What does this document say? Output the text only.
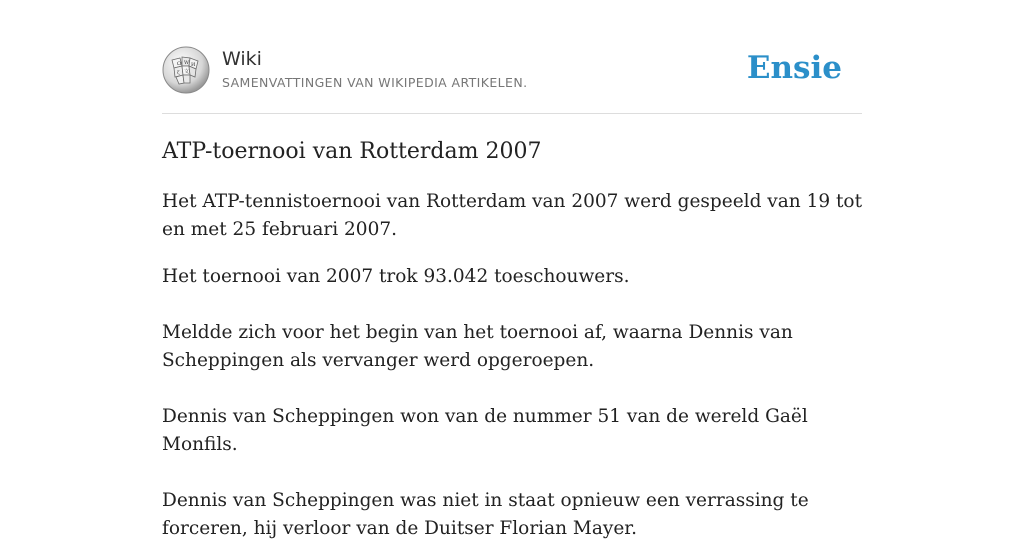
Ω W И
ζ 文
Wiki
SAMENVATTINGEN VAN WIKIPEDIA ARTIKELEN.	Ensie
ATP-toernooi van Rotterdam 2007

Het ATP-tennistoernooi van Rotterdam van 2007 werd gespeeld van 19 tot en met 25 februari 2007.

Het toernooi van 2007 trok 93.042 toeschouwers.

Meldde zich voor het begin van het toernooi af, waarna Dennis van Scheppingen als vervanger werd opgeroepen.

Dennis van Scheppingen won van de nummer 51 van de wereld Gaël Monfils.

Dennis van Scheppingen was niet in staat opnieuw een verrassing te forceren, hij verloor van de Duitser Florian Mayer.
